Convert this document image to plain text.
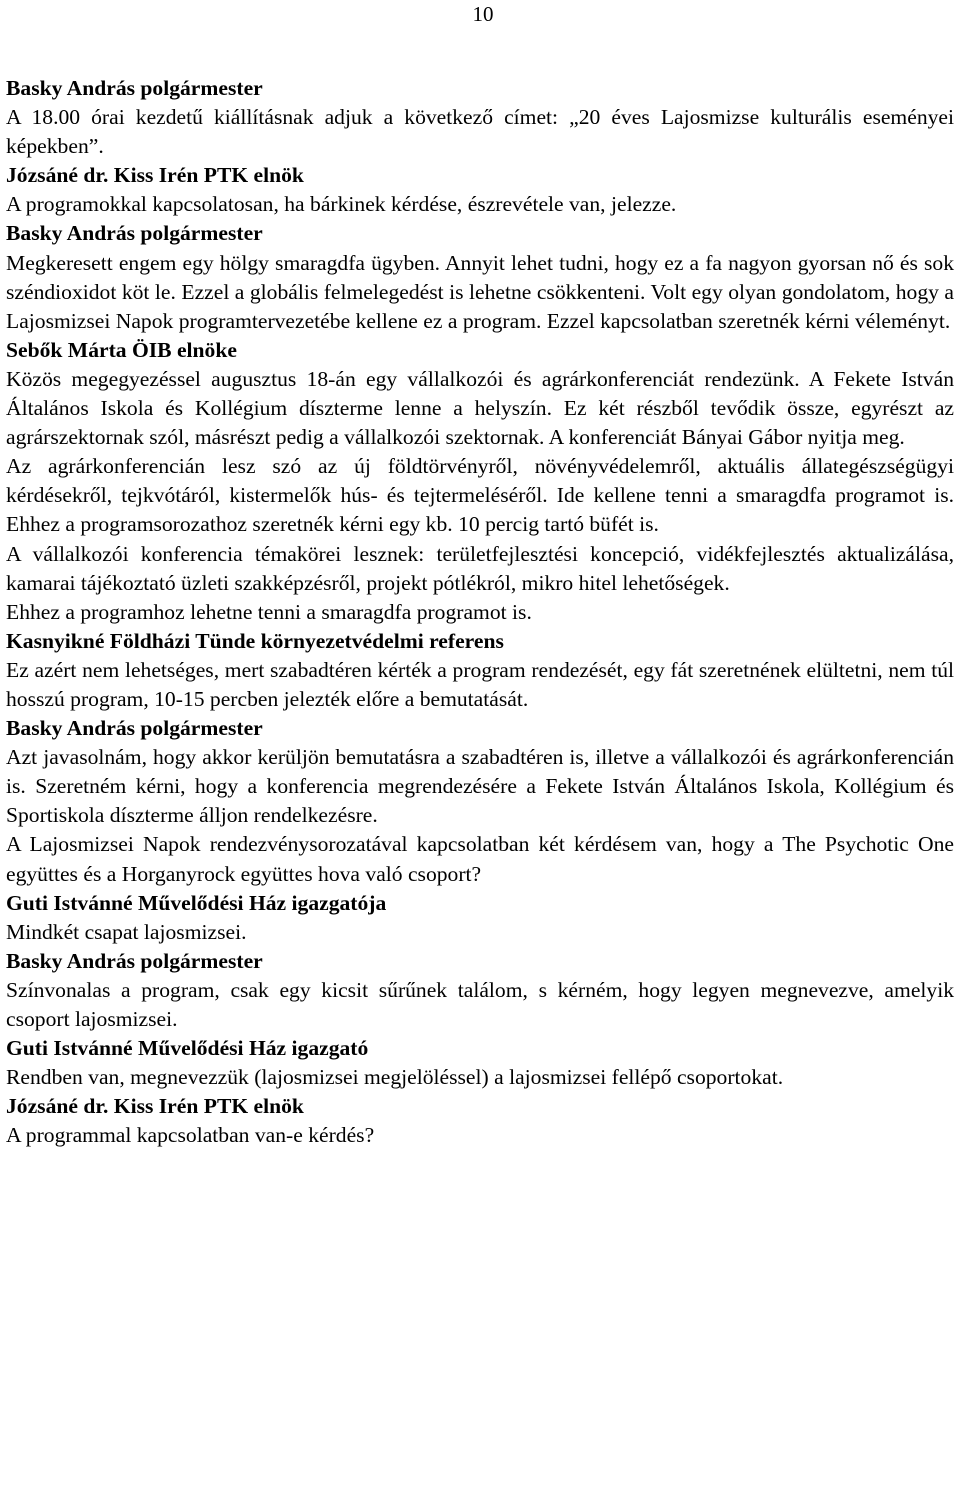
10

Basky András polgármester

A 18.00 órai kezdetű kiállításnak adjuk a következő címet: „20 éves Lajosmizse kulturális eseményei képekben”.

Józsáné dr. Kiss Irén PTK elnök

A programokkal kapcsolatosan, ha bárkinek kérdése, észrevétele van, jelezze.

Basky András polgármester

Megkeresett engem egy hölgy smaragdfa ügyben. Annyit lehet tudni, hogy ez a fa nagyon gyorsan nő és sok széndioxidot köt le. Ezzel a globális felmelegedést is lehetne csökkenteni. Volt egy olyan gondolatom, hogy a Lajosmizsei Napok programtervezetébe kellene ez a program. Ezzel kapcsolatban szeretnék kérni véleményt.

Sebők Márta ÖIB elnöke

Közös megegyezéssel augusztus 18-án egy vállalkozói és agrárkonferenciát rendezünk. A Fekete István Általános Iskola és Kollégium díszterme lenne a helyszín. Ez két részből tevődik össze, egyrészt az agrárszektornak szól, másrészt pedig a vállalkozói szektornak. A konferenciát Bányai Gábor nyitja meg.

Az agrárkonferencián lesz szó az új földtörvényről, növényvédelemről, aktuális állategészségügyi kérdésekről, tejkvótáról, kistermelők hús- és tejtermeléséről. Ide kellene tenni a smaragdfa programot is. Ehhez a programsorozathoz szeretnék kérni egy kb. 10 percig tartó büfét is.

A vállalkozói konferencia témakörei lesznek: területfejlesztési koncepció, vidékfejlesztés aktualizálása, kamarai tájékoztató üzleti szakképzésről, projekt pótlékról, mikro hitel lehetőségek.

Ehhez a programhoz lehetne tenni a smaragdfa programot is.

Kasnyikné Földházi Tünde környezetvédelmi referens

Ez azért nem lehetséges, mert szabadtéren kérték a program rendezését, egy fát szeretnének elültetni, nem túl hosszú program, 10-15 percben jelezték előre a bemutatását.

Basky András polgármester

Azt javasolnám, hogy akkor kerüljön bemutatásra a szabadtéren is, illetve a vállalkozói és agrárkonferencián is. Szeretném kérni, hogy a konferencia megrendezésére a Fekete István Általános Iskola, Kollégium és Sportiskola díszterme álljon rendelkezésre.

A Lajosmizsei Napok rendezvénysorozatával kapcsolatban két kérdésem van, hogy a The Psychotic One együttes és a Horganyrock együttes hova való csoport?

Guti Istvánné Művelődési Ház igazgatója

Mindkét csapat lajosmizsei.

Basky András polgármester

Színvonalas a program, csak egy kicsit sűrűnek találom, s kérném, hogy legyen megnevezve, amelyik csoport lajosmizsei.

Guti Istvánné Művelődési Ház igazgató

Rendben van, megnevezzük (lajosmizsei megjelöléssel) a lajosmizsei fellépő csoportokat.

Józsáné dr. Kiss Irén PTK elnök

A programmal kapcsolatban van-e kérdés?
